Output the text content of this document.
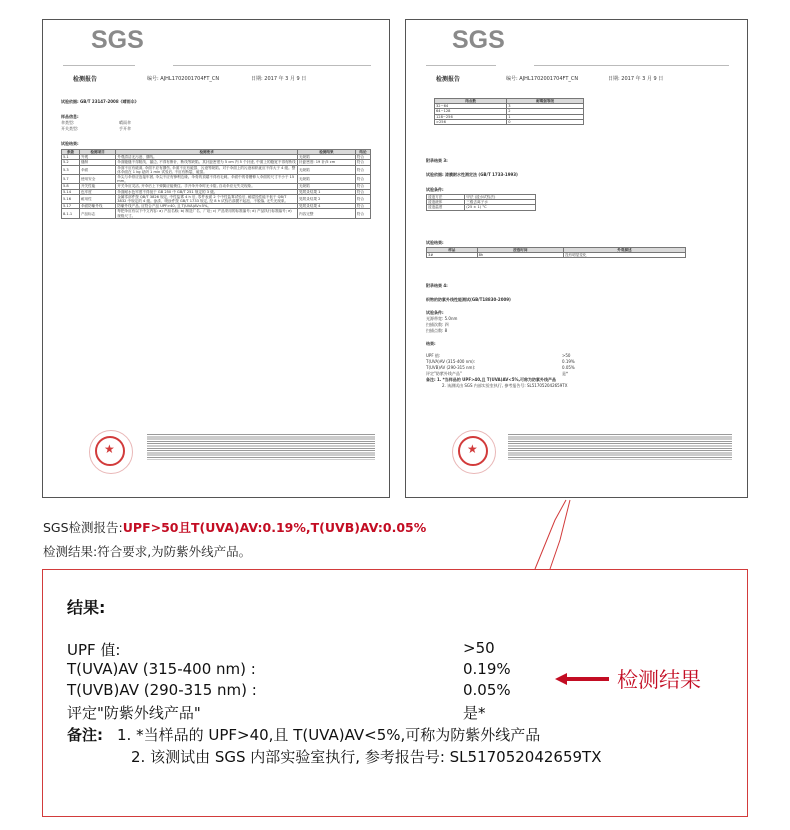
SGS
检测报告	编号: AJHL170200170​4FT_CN	日期: 2017 年 3 月 9 日
试验依据: GB/T 23147-2008《晴雨伞》
样品信息:
伞类型:	晴雨伞
开关类型:	手开伞
试验结果:
条款	检测项目	检测要求	检测结果	结论
5.1	外观	外观清洁无污迹、绷线。	无缺陷	符合
5.2	缝制	伞面缝缝不得脱线、漏边, 不得有断针、断线等缺陷。其针距密度为 5 cm 内 5 个针迹, 中面上的缝宽不得有断线	针距密度: 19 针/5 cm	符合
5.3	伞面	伞面不应有破洞, 伞面不应有绷伤, 伞面不应有破损、污迹等缺陷。对于伞面上的污迹和织疵应不得大于 4 级。整体伞面在 1 kg 砝码 1 min 试验后, 不应有断裂、破损。	无缺陷	符合
5.7	使用安全	伞尖与伞骨应连接牢固, 伞尖不应有锋利边缘。伞骨的顶端不得有毛刺。伞面中的骨槽伸入伞面的尺寸不小于 15 mm。	无缺陷	符合
5.8	开关性能	开关伞应灵活, 开伞后上下弹簧应能锁住。手开伞开伞时无卡阻, 自动伞应无失灵现象。	无缺陷	符合
5.14	色牢度	伞面耐水色牢度不得低于 GB 250 中 GB/T 251 规定的 3 级。	见附录结果 1	符合
5.16	耐用性	金属零部件按 QB/T 3826 规定, 中性盐雾 4 h 后, 零件表面 2 个中性盐雾试验后, 耐腐蚀性能不低于 QB/T 3832 中规定的 4 级。涂漆、喷涂件按 GB/T 1733 规定, 经 8 h 试验后漆膜不起泡、不脱落, 无失光现象。	见附录结果 2	符合
5.17	伞面防紫外线	防紫外线产品, 应符合产品 UPF>40, 且 T(UVA)AV<5%。	见附录结果 4	符合
8.1.1	产品标志	每把伞应有以下中文内容: a) 产品名称; b) 制造厂名、厂址; c) 产品采用的标准编号; d) 产品执行标准编号; e) 规格尺寸。	内容完整	符合
★
SGS
检测报告	编号: AJHL170200170​4FT_CN	日期: 2017 年 3 月 9 日
纬点数	耐霉强等级
32~64	3
64~128	2
128~256	1
>256	0
附录结果 3:
试验依据: 漆膜耐水性测定法 (GB/T 1733-1993)
试验条件:
浸泡方法	甲法 (浸水试验法)
浸泡液体	三级去离子水
浸泡温度	(25 ± 1) °C
试验结果:
样品	浸泡时间	外观描述
3#	8h	没有明显变化
附录结果 4:
织物的防紫外线性能测试(GB/T18830-2009)
试验条件:
光源带宽: 5.0nm
扫描次数: 四
扫描点数: 8
结果:
UPF 值:	>50
T(UVA)AV (315-400 nm):	0.19%
T(UVB)AV (290-315 nm):	0.05%
评定"防紫外线产品"	是*
备注: 1. *当样品的 UPF>40,且 T(UVA)AV<5%,可称为防紫外线产品
2. 该测试由 SGS 内部实验室执行, 参考报告号: SL517052042659TX
★
SGS检测报告:UPF>50且T(UVA)AV:0.19%,T(UVB)AV:0.05%
检测结果:符合要求,为防紫外线产品。
结果:
UPF 值:	>50
T(UVA)AV (315-400 nm) :	0.19%
T(UVB)AV (290-315 nm) :	0.05%
评定"防紫外线产品"	是*
备注: 1. *当样品的 UPF>40,且 T(UVA)AV<5%,可称为防紫外线产品
2. 该测试由 SGS 内部实验室执行, 参考报告号: SL517052042659TX
检测结果
